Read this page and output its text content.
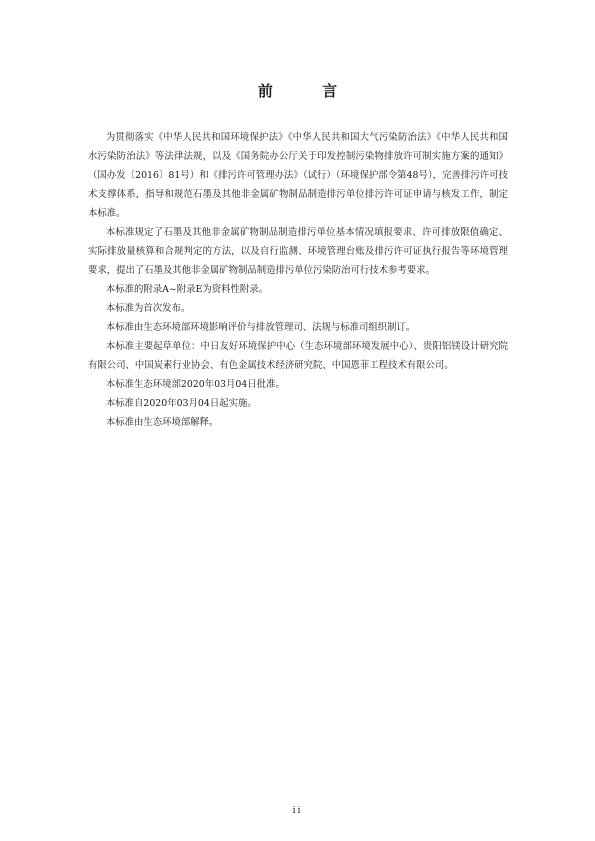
前 言

为贯彻落实《中华人民共和国环境保护法》《中华人民共和国大气污染防治法》《中华人民共和国水污染防治法》等法律法规，以及《国务院办公厅关于印发控制污染物排放许可制实施方案的通知》（国办发〔2016〕81号）和《排污许可管理办法》（试行）（环境保护部令第48号），完善排污许可技术支撑体系，指导和规范石墨及其他非金属矿物制品制造排污单位排污许可证申请与核发工作，制定本标准。

本标准规定了石墨及其他非金属矿物制品制造排污单位基本情况填报要求、许可排放限值确定、实际排放量核算和合规判定的方法，以及自行监测、环境管理台账及排污许可证执行报告等环境管理要求，提出了石墨及其他非金属矿物制品制造排污单位污染防治可行技术参考要求。

本标准的附录A~附录E为资料性附录。

本标准为首次发布。

本标准由生态环境部环境影响评价与排放管理司、法规与标准司组织制订。

本标准主要起草单位：中日友好环境保护中心（生态环境部环境发展中心）、贵阳铝镁设计研究院有限公司、中国炭素行业协会、有色金属技术经济研究院、中国恩菲工程技术有限公司。

本标准生态环境部2020年03月04日批准。

本标准自2020年03月04日起实施。

本标准由生态环境部解释。

ii
